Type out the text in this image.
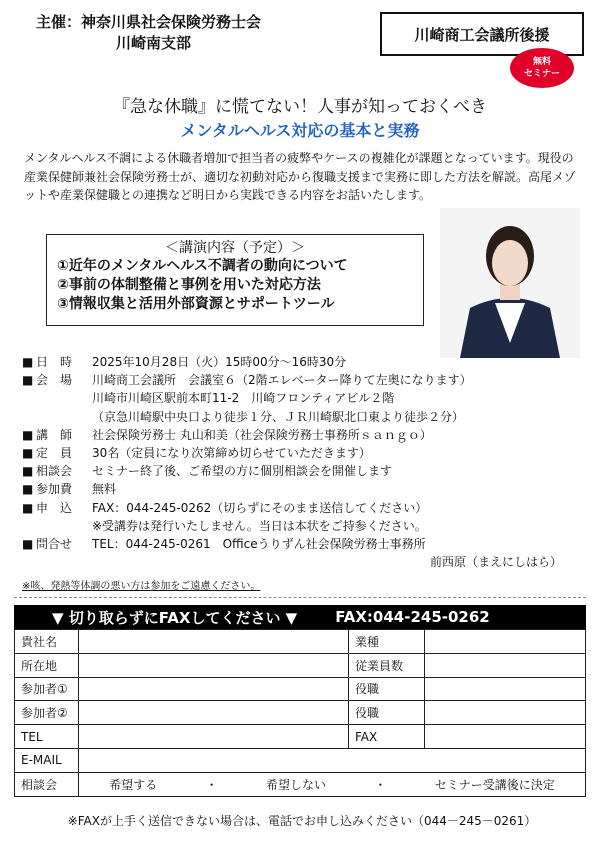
主催：神奈川県社会保険労務士会
川崎南支部	川崎商工会議所後援
無料
セミナー
『急な休職』に慌てない！人事が知っておくべき
メンタルヘルス対応の基本と実務
メンタルヘルス不調による休職者増加で担当者の疲弊やケースの複雑化が課題となっています。現役の産業保健師兼社会保険労務士が、適切な初動対応から復職支援まで実務に即した方法を解説。高尾メゾットや産業保健職との連携など明日から実践できる内容をお話いたします。
＜講演内容（予定）＞
①近年のメンタルヘルス不調者の動向について
②事前の体制整備と事例を用いた対応方法
③情報収集と活用外部資源とサポートツール
■ 日　時	2025年10月28日（火）15時00分～16時30分
■ 会　場	川崎商工会議所　会議室６（2階エレベーター降りて左奥になります）
川崎市川崎区駅前本町11-2　川崎フロンティアビル２階
（京急川崎駅中央口より徒歩１分、ＪＲ川崎駅北口東より徒歩２分）
■ 講　師	社会保険労務士 丸山和美（社会保険労務士事務所ｓａｎｇｏ）
■ 定　員	30名（定員になり次第締め切らせていただきます）
■ 相談会	セミナー終了後、ご希望の方に個別相談会を開催します
■ 参加費	無料
■ 申　込	FAX：044-245-0262（切らずにそのまま送信してください）
※受講券は発行いたしません。当日は本状をご持参ください。
■ 問合せ	TEL：044-245-0261　Officeうりずん社会保険労務士事務所
前西原（まえにしはら）
※咳、発熱等体調の悪い方は参加をご遠慮ください。
▼ 切り取らずにFAXしてください ▼	FAX:044-245-0262
貴社名		業種	
所在地		従業員数	
参加者①		役職	
参加者②		役職	
TEL		FAX	
E-MAIL			
相談会	希望する ・ 希望しない ・ セミナー受講後に決定		
※FAXが上手く送信できない場合は、電話でお申し込みください（044－245－0261）
